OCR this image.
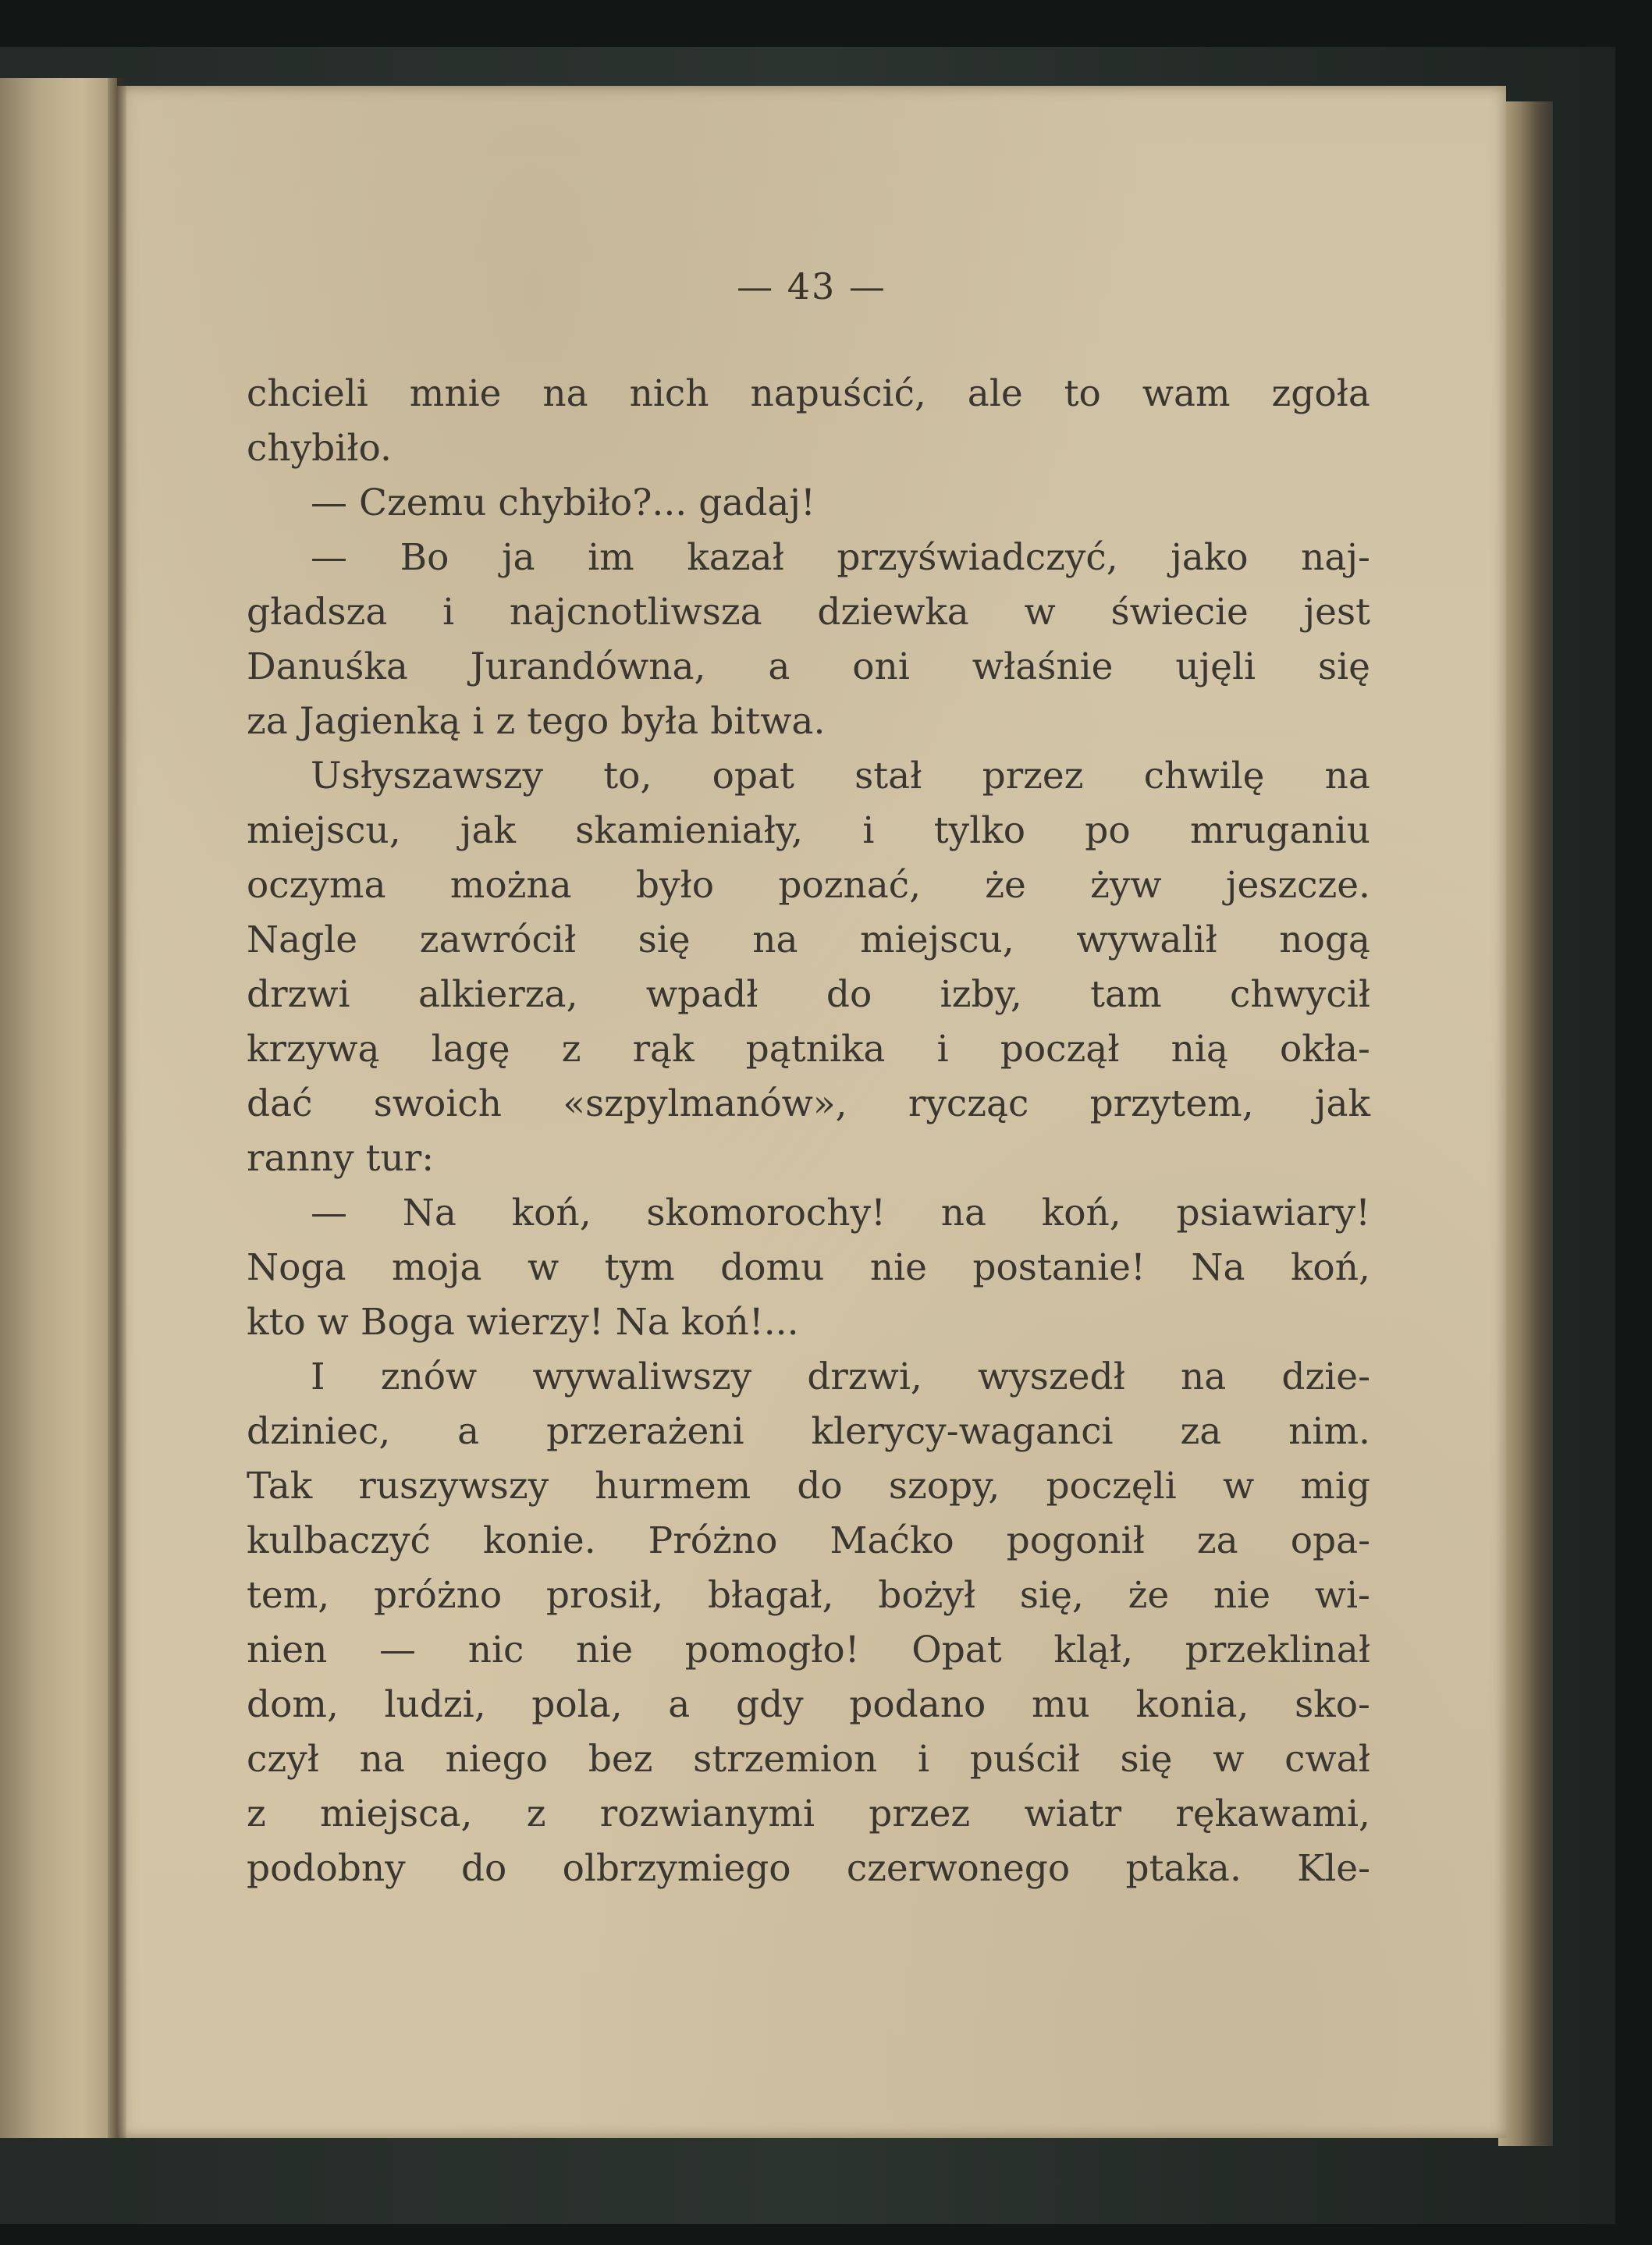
— 43 —
chcieli mnie na nich napuścić, ale to wam zgoła
chybiło.
— Czemu chybiło?... gadaj!
— Bo ja im kazał przyświadczyć, jako naj-
gładsza i najcnotliwsza dziewka w świecie jest
Danuśka Jurandówna, a oni właśnie ujęli się
za Jagienką i z tego była bitwa.
Usłyszawszy to, opat stał przez chwilę na
miejscu, jak skamieniały, i tylko po mruganiu
oczyma można było poznać, że żyw jeszcze.
Nagle zawrócił się na miejscu, wywalił nogą
drzwi alkierza, wpadł do izby, tam chwycił
krzywą lagę z rąk pątnika i począł nią okła-
dać swoich «szpylmanów», rycząc przytem, jak
ranny tur:
— Na koń, skomorochy! na koń, psiawiary!
Noga moja w tym domu nie postanie! Na koń,
kto w Boga wierzy! Na koń!...
I znów wywaliwszy drzwi, wyszedł na dzie-
dziniec, a przerażeni klerycy-waganci za nim.
Tak ruszywszy hurmem do szopy, poczęli w mig
kulbaczyć konie. Próżno Maćko pogonił za opa-
tem, próżno prosił, błagał, bożył się, że nie wi-
nien — nic nie pomogło! Opat klął, przeklinał
dom, ludzi, pola, a gdy podano mu konia, sko-
czył na niego bez strzemion i puścił się w cwał
z miejsca, z rozwianymi przez wiatr rękawami,
podobny do olbrzymiego czerwonego ptaka. Kle-
